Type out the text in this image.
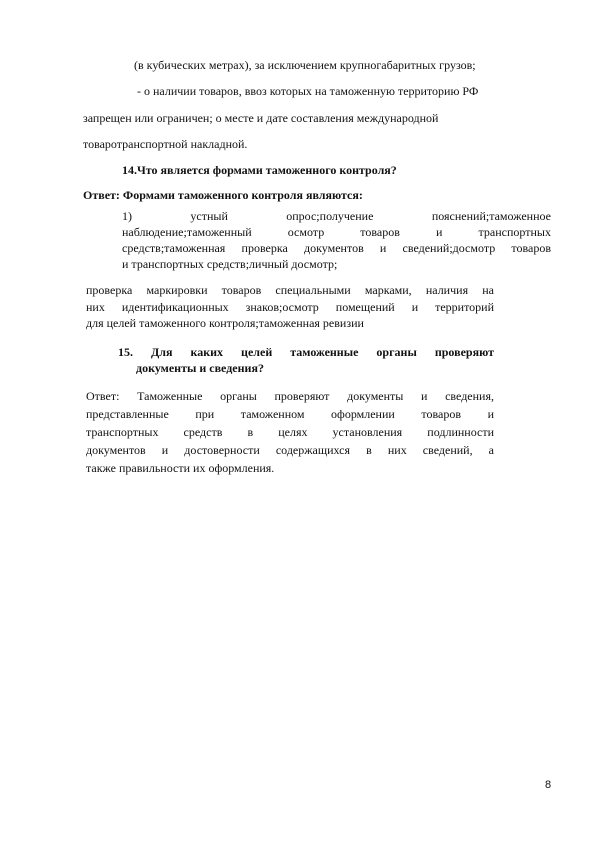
(в кубических метрах), за исключением крупногабаритных грузов;
- о наличии товаров, ввоз которых на таможенную территорию РФ
запрещен или ограничен; о месте и дате составления международной
товаротранспортной накладной.
14.Что является формами таможенного контроля?
Ответ: Формами таможенного контроля являются:
1) устный опрос;получение пояснений;таможенное
наблюдение;таможенный осмотр товаров и транспортных
средств;таможенная проверка документов и сведений;досмотр товаров
и транспортных средств;личный досмотр;
проверка маркировки товаров специальными марками, наличия на
них идентификационных знаков;осмотр помещений и территорий
для целей таможенного контроля;таможенная ревизии
15. Для каких целей таможенные органы проверяют
документы и сведения?
Ответ: Таможенные органы проверяют документы и сведения,
представленные при таможенном оформлении товаров и
транспортных средств в целях установления подлинности
документов и достоверности содержащихся в них сведений, а
также правильности их оформления.
8
